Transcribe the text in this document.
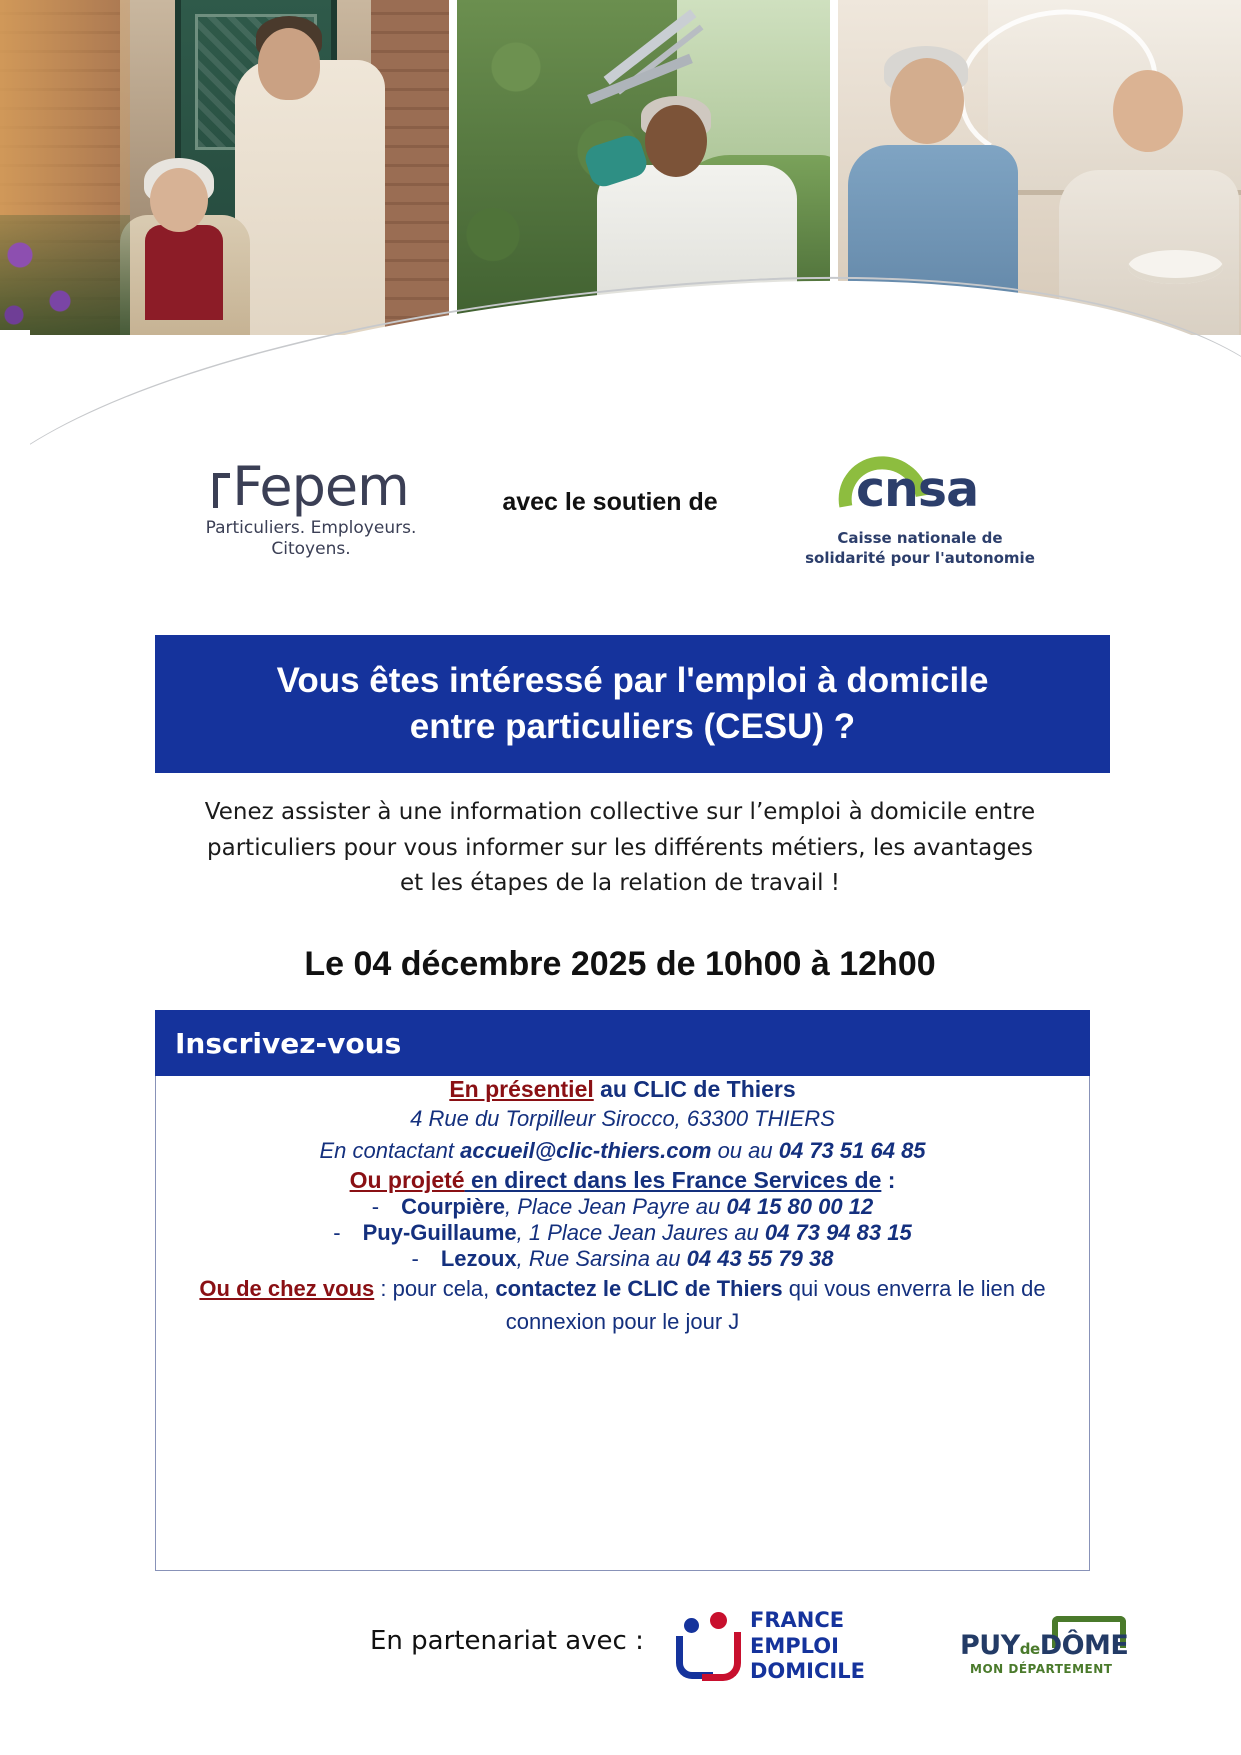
Fepem
Particuliers. Employeurs.
Citoyens.
avec le soutien de	cnsa
Caisse nationale de
solidarité pour l'autonomie
Vous êtes intéressé par l'emploi à domicile
entre particuliers (CESU) ?
Venez assister à une information collective sur l’emploi à domicile entre particuliers pour vous informer sur les différents métiers, les avantages et les étapes de la relation de travail !
Le 04 décembre 2025 de 10h00 à 12h00
Inscrivez-vous

En présentiel au CLIC de Thiers

4 Rue du Torpilleur Sirocco, 63300 THIERS
En contactant accueil@clic-thiers.com ou au 04 73 51 64 85

Ou projeté en direct dans les France Services de :

- Courpière, Place Jean Payre au 04 15 80 00 12

- Puy-Guillaume, 1 Place Jean Jaures au 04 73 94 83 15

- Lezoux, Rue Sarsina au 04 43 55 79 38

Ou de chez vous : pour cela, contactez le CLIC de Thiers qui vous enverra le lien de connexion pour le jour J

En partenariat avec :
FRANCE
EMPLOI
DOMICILE
PUYdeDÔME
MON DÉPARTEMENT
